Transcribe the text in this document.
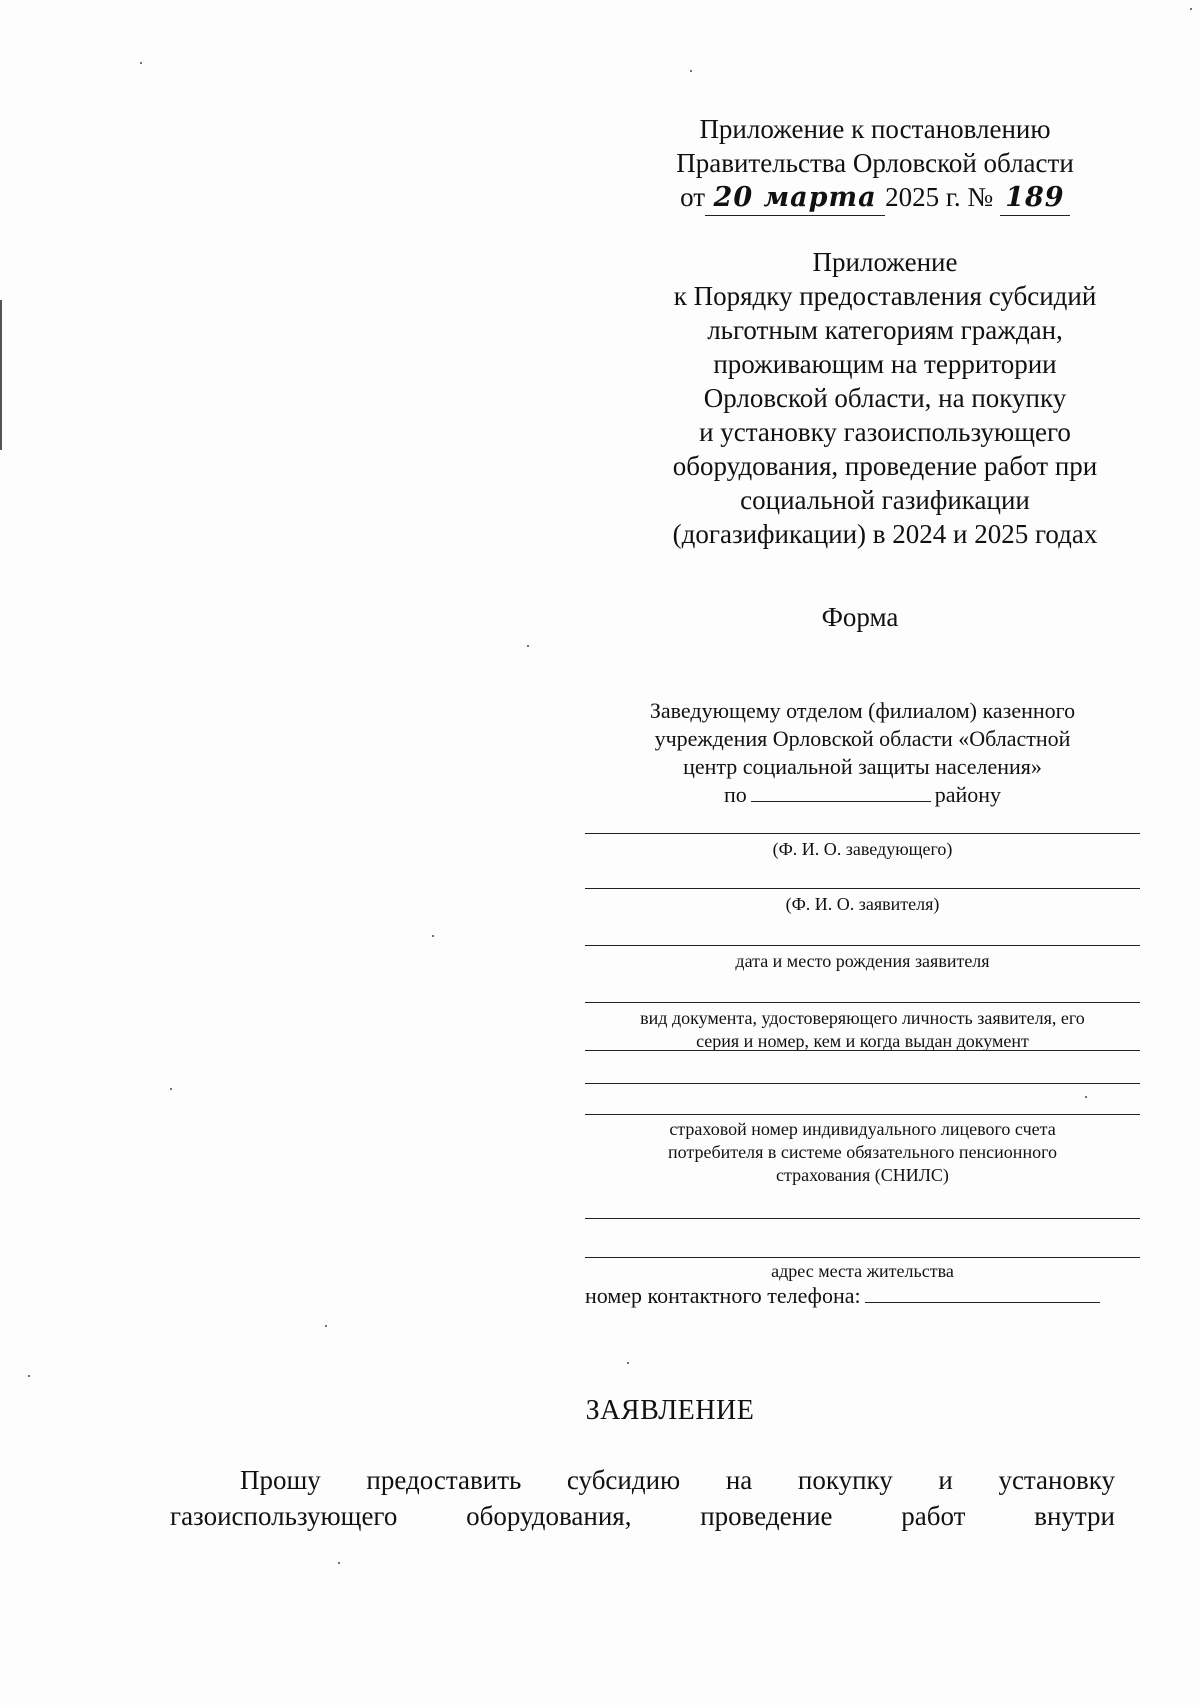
Приложение к постановлению
Правительства Орловской области
от 20 марта 2025 г. № 189
Приложение
к Порядку предоставления субсидий
льготным категориям граждан,
проживающим на территории
Орловской области, на покупку
и установку газоиспользующего
оборудования, проведение работ при
социальной газификации
(догазификации) в 2024 и 2025 годах
Форма
Заведующему отделом (филиалом) казенного
учреждения Орловской области «Областной
центр социальной защиты населения»
по	району
(Ф. И. О. заведующего)
(Ф. И. О. заявителя)
дата и место рождения заявителя
вид документа, удостоверяющего личность заявителя, его
серия и номер, кем и когда выдан документ
страховой номер индивидуального лицевого счета
потребителя в системе обязательного пенсионного
страхования (СНИЛС)
адрес места жительства
номер контактного телефона:
ЗАЯВЛЕНИЕ
Прошу предоставить субсидию на покупку и установку
газоиспользующего	оборудования,	проведение	работ	внутри
